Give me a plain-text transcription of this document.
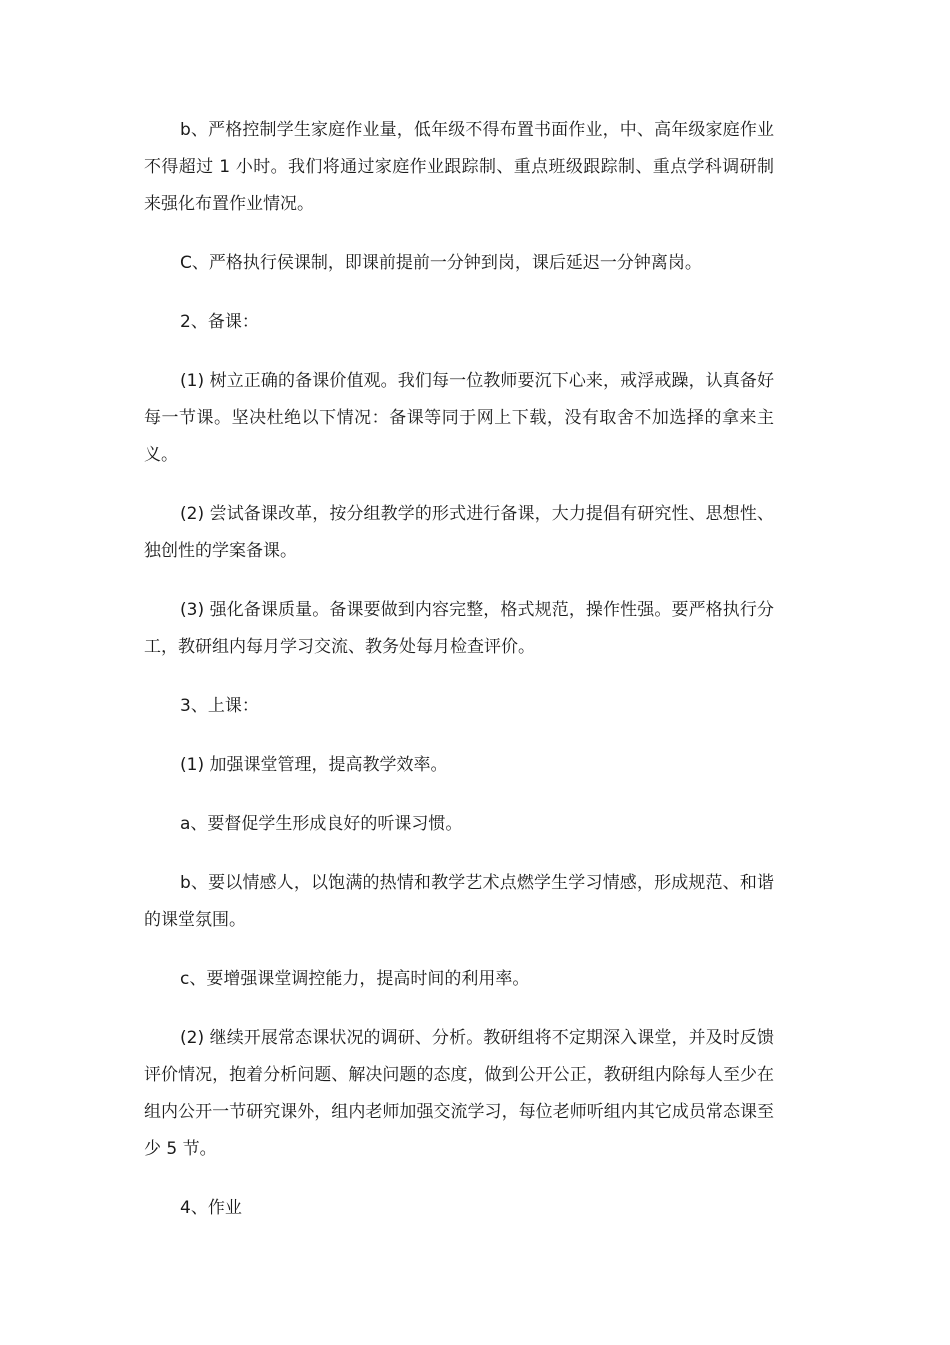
b、严格控制学生家庭作业量，低年级不得布置书面作业，中、高年级家庭作业不得超过 1 小时。我们将通过家庭作业跟踪制、重点班级跟踪制、重点学科调研制来强化布置作业情况。

C、严格执行侯课制，即课前提前一分钟到岗，课后延迟一分钟离岗。

2、备课：

(1) 树立正确的备课价值观。我们每一位教师要沉下心来，戒浮戒躁，认真备好每一节课。坚决杜绝以下情况：备课等同于网上下载，没有取舍不加选择的拿来主义。

(2) 尝试备课改革，按分组教学的形式进行备课，大力提倡有研究性、思想性、独创性的学案备课。

(3) 强化备课质量。备课要做到内容完整，格式规范，操作性强。要严格执行分工，教研组内每月学习交流、教务处每月检查评价。

3、上课：

(1) 加强课堂管理，提高教学效率。

a、要督促学生形成良好的听课习惯。

b、要以情感人，以饱满的热情和教学艺术点燃学生学习情感，形成规范、和谐的课堂氛围。

c、要增强课堂调控能力，提高时间的利用率。

(2) 继续开展常态课状况的调研、分析。教研组将不定期深入课堂，并及时反馈评价情况，抱着分析问题、解决问题的态度，做到公开公正，教研组内除每人至少在组内公开一节研究课外，组内老师加强交流学习，每位老师听组内其它成员常态课至少 5 节。

4、作业
